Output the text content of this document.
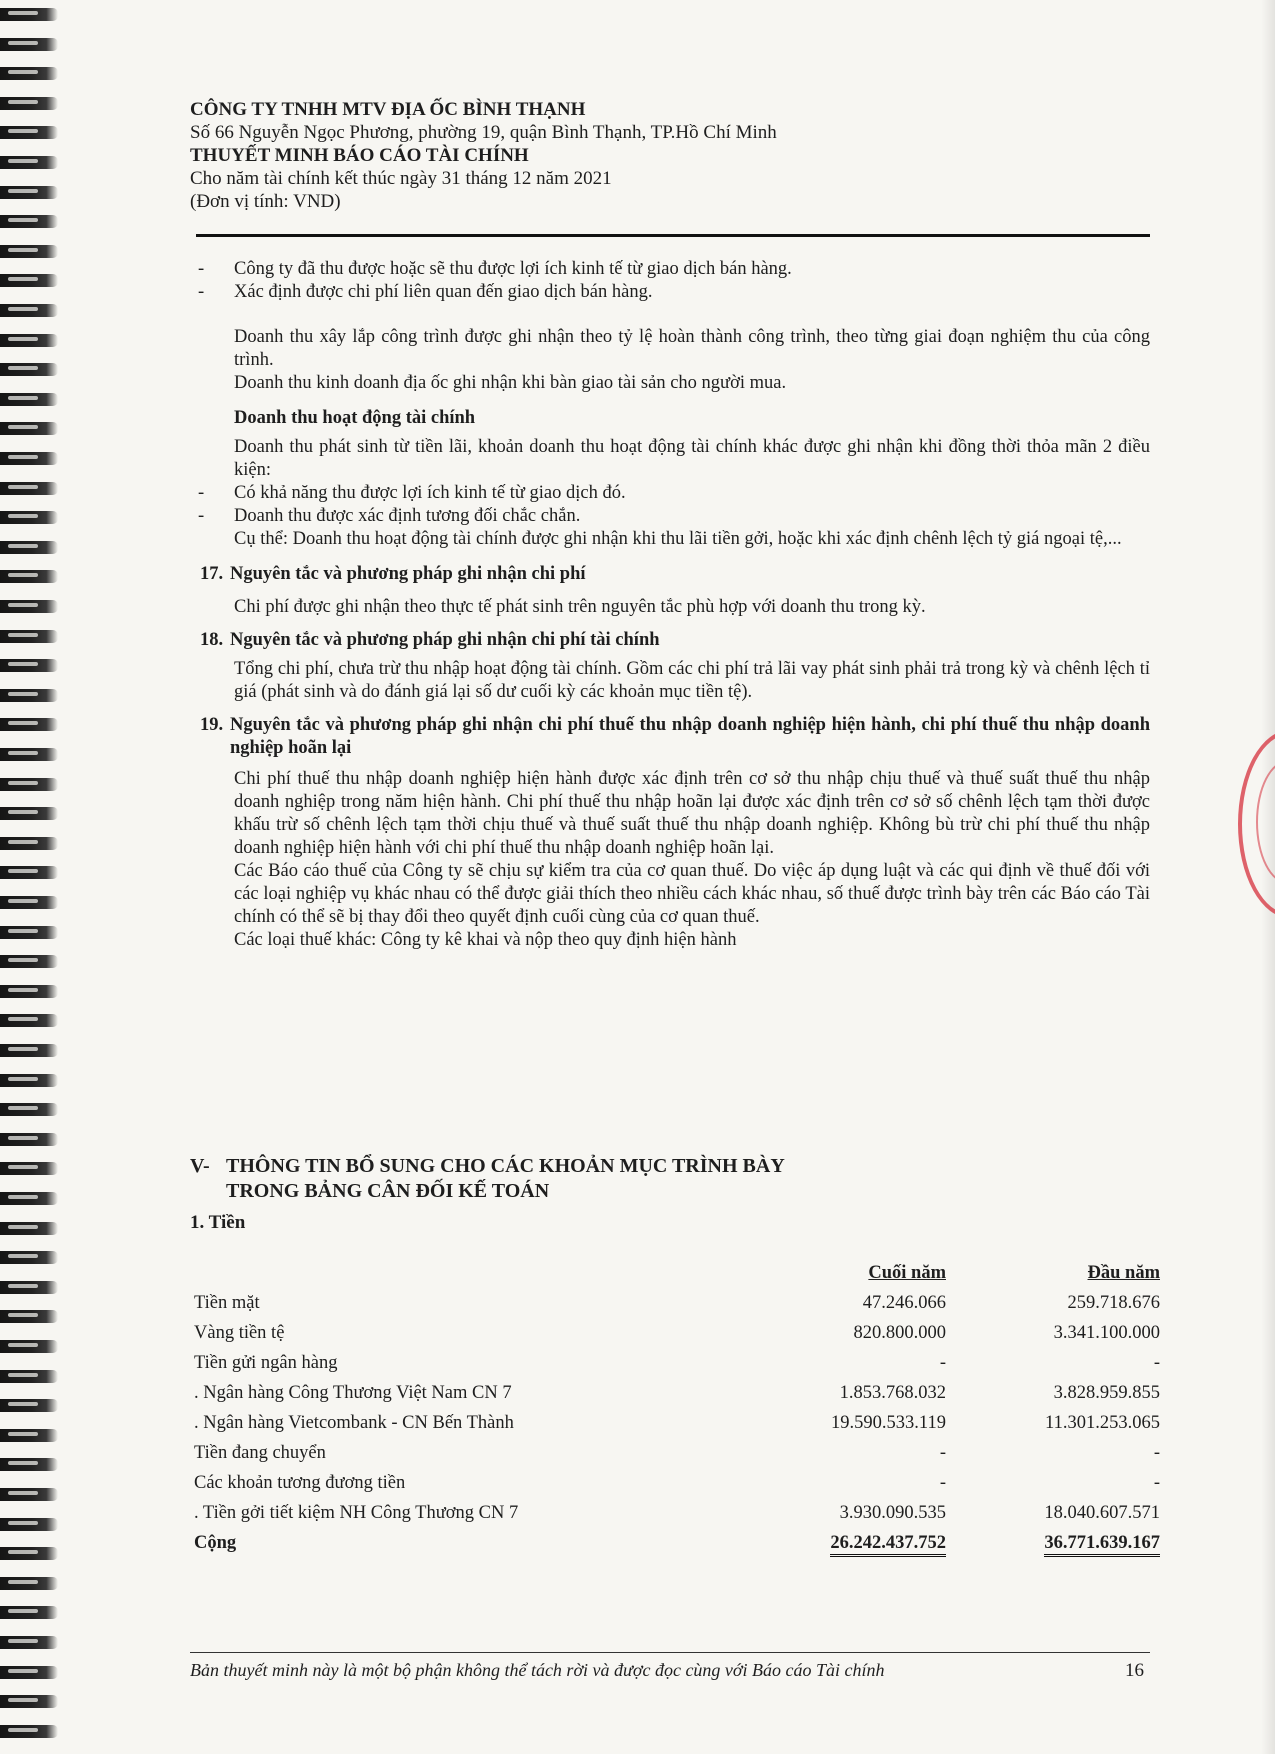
CÔNG TY TNHH MTV ĐỊA ỐC BÌNH THẠNH
Số 66 Nguyễn Ngọc Phương, phường 19, quận Bình Thạnh, TP.Hồ Chí Minh
THUYẾT MINH BÁO CÁO TÀI CHÍNH
Cho năm tài chính kết thúc ngày 31 tháng 12 năm 2021
(Đơn vị tính: VND)
- Công ty đã thu được hoặc sẽ thu được lợi ích kinh tế từ giao dịch bán hàng.
- Xác định được chi phí liên quan đến giao dịch bán hàng.
Doanh thu xây lắp công trình được ghi nhận theo tỷ lệ hoàn thành công trình, theo từng giai đoạn nghiệm thu của công trình.
Doanh thu kinh doanh địa ốc ghi nhận khi bàn giao tài sản cho người mua.
Doanh thu hoạt động tài chính
Doanh thu phát sinh từ tiền lãi, khoản doanh thu hoạt động tài chính khác được ghi nhận khi đồng thời thỏa mãn 2 điều kiện:
- Có khả năng thu được lợi ích kinh tế từ giao dịch đó.
- Doanh thu được xác định tương đối chắc chắn.
Cụ thể: Doanh thu hoạt động tài chính được ghi nhận khi thu lãi tiền gởi, hoặc khi xác định chênh lệch tỷ giá ngoại tệ,...
17. Nguyên tắc và phương pháp ghi nhận chi phí
Chi phí được ghi nhận theo thực tế phát sinh trên nguyên tắc phù hợp với doanh thu trong kỳ.
18. Nguyên tắc và phương pháp ghi nhận chi phí tài chính
Tổng chi phí, chưa trừ thu nhập hoạt động tài chính. Gồm các chi phí trả lãi vay phát sinh phải trả trong kỳ và chênh lệch tỉ giá (phát sinh và do đánh giá lại số dư cuối kỳ các khoản mục tiền tệ).
19. Nguyên tắc và phương pháp ghi nhận chi phí thuế thu nhập doanh nghiệp hiện hành, chi phí thuế thu nhập doanh nghiệp hoãn lại
Chi phí thuế thu nhập doanh nghiệp hiện hành được xác định trên cơ sở thu nhập chịu thuế và thuế suất thuế thu nhập doanh nghiệp trong năm hiện hành. Chi phí thuế thu nhập hoãn lại được xác định trên cơ sở số chênh lệch tạm thời được khấu trừ số chênh lệch tạm thời chịu thuế và thuế suất thuế thu nhập doanh nghiệp. Không bù trừ chi phí thuế thu nhập doanh nghiệp hiện hành với chi phí thuế thu nhập doanh nghiệp hoãn lại.
Các Báo cáo thuế của Công ty sẽ chịu sự kiểm tra của cơ quan thuế. Do việc áp dụng luật và các qui định về thuế đối với các loại nghiệp vụ khác nhau có thể được giải thích theo nhiều cách khác nhau, số thuế được trình bày trên các Báo cáo Tài chính có thể sẽ bị thay đổi theo quyết định cuối cùng của cơ quan thuế.
Các loại thuế khác: Công ty kê khai và nộp theo quy định hiện hành
V- THÔNG TIN BỔ SUNG CHO CÁC KHOẢN MỤC TRÌNH BÀY
TRONG BẢNG CÂN ĐỐI KẾ TOÁN
1. Tiền
	Cuối năm		Đầu năm
Tiền mặt	47.246.066		259.718.676
Vàng tiền tệ	820.800.000		3.341.100.000
Tiền gửi ngân hàng	-		-
. Ngân hàng Công Thương Việt Nam CN 7	1.853.768.032		3.828.959.855
. Ngân hàng Vietcombank - CN Bến Thành	19.590.533.119		11.301.253.065
Tiền đang chuyển	-		-
Các khoản tương đương tiền	-		-
. Tiền gởi tiết kiệm NH Công Thương CN 7	3.930.090.535		18.040.607.571
Cộng	26.242.437.752		36.771.639.167
Bản thuyết minh này là một bộ phận không thể tách rời và được đọc cùng với Báo cáo Tài chính	16
